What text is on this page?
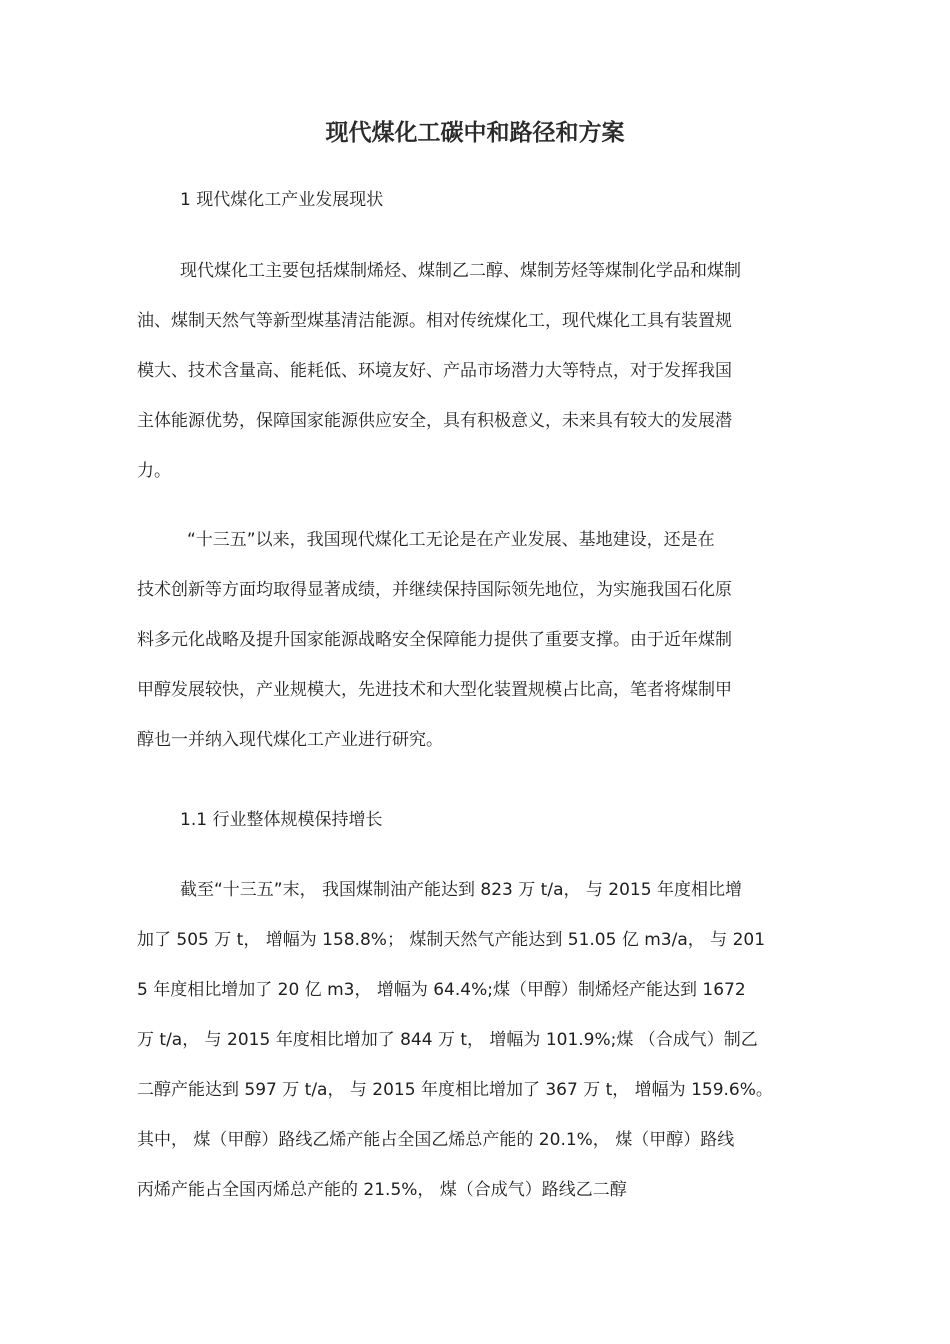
现代煤化工碳中和路径和方案
1 现代煤化工产业发展现状
现代煤化工主要包括煤制烯烃、煤制乙二醇、煤制芳烃等煤制化学品和煤制
油、煤制天然气等新型煤基清洁能源。相对传统煤化工，现代煤化工具有装置规
模大、技术含量高、能耗低、环境友好、产品市场潜力大等特点，对于发挥我国
主体能源优势，保障国家能源供应安全，具有积极意义，未来具有较大的发展潜
力。
“十三五”以来，我国现代煤化工无论是在产业发展、基地建设，还是在
技术创新等方面均取得显著成绩，并继续保持国际领先地位，为实施我国石化原
料多元化战略及提升国家能源战略安全保障能力提供了重要支撑。由于近年煤制
甲醇发展较快，产业规模大，先进技术和大型化装置规模占比高，笔者将煤制甲
醇也一并纳入现代煤化工产业进行研究。
1.1 行业整体规模保持增长
截至“十三五”末， 我国煤制油产能达到 823 万 t/a， 与 2015 年度相比增
加了 505 万 t， 增幅为 158.8%； 煤制天然气产能达到 51.05 亿 m3/a， 与 201
5 年度相比增加了 20 亿 m3， 增幅为 64.4%;煤（甲醇）制烯烃产能达到 1672
万 t/a， 与 2015 年度相比增加了 844 万 t， 增幅为 101.9%;煤 （合成气）制乙
二醇产能达到 597 万 t/a， 与 2015 年度相比增加了 367 万 t， 增幅为 159.6%。
其中， 煤（甲醇）路线乙烯产能占全国乙烯总产能的 20.1%， 煤（甲醇）路线
丙烯产能占全国丙烯总产能的 21.5%， 煤（合成气）路线乙二醇
